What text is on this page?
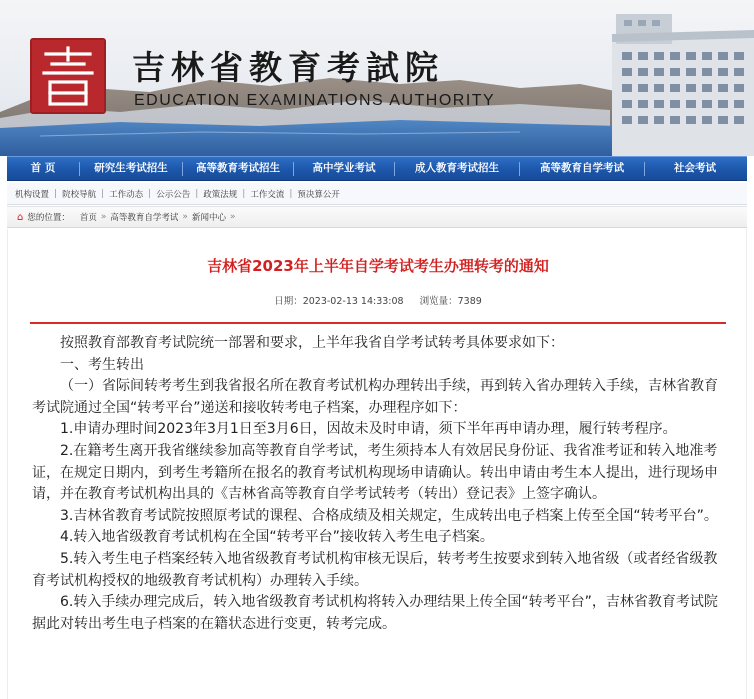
吉林省教育考試院
EDUCATION EXAMINATIONS AUTHORITY
首 页	研究生考试招生	高等教育考试招生	高中学业考试	成人教育考试招生	高等教育自学考试	社会考试
机构设置 | 院校导航 | 工作动态 | 公示公告 | 政策法规 | 工作交流 | 预决算公开
⌂ 您的位置： 首页 » 高等教育自学考试 » 新闻中心 »
吉林省2023年上半年自学考试考生办理转考的通知
日期：2023-02-13 14:33:08 浏览量：7389

按照教育部教育考试院统一部署和要求，上半年我省自学考试转考具体要求如下：

一、考生转出

（一）省际间转考考生到我省报名所在教育考试机构办理转出手续，再到转入省办理转入手续，吉林省教育考试院通过全国“转考平台”递送和接收转考电子档案，办理程序如下：

1.申请办理时间2023年3月1日至3月6日，因故未及时申请，须下半年再申请办理，履行转考程序。

2.在籍考生离开我省继续参加高等教育自学考试，考生须持本人有效居民身份证、我省准考证和转入地准考证，在规定日期内，到考生考籍所在报名的教育考试机构现场申请确认。转出申请由考生本人提出，进行现场申请，并在教育考试机构出具的《吉林省高等教育自学考试转考（转出）登记表》上签字确认。

3.吉林省教育考试院按照原考试的课程、合格成绩及相关规定，生成转出电子档案上传至全国“转考平台”。

4.转入地省级教育考试机构在全国“转考平台”接收转入考生电子档案。

5.转入考生电子档案经转入地省级教育考试机构审核无误后，转考考生按要求到转入地省级（或者经省级教育考试机构授权的地级教育考试机构）办理转入手续。

6.转入手续办理完成后，转入地省级教育考试机构将转入办理结果上传全国“转考平台”，吉林省教育考试院据此对转出考生电子档案的在籍状态进行变更，转考完成。
